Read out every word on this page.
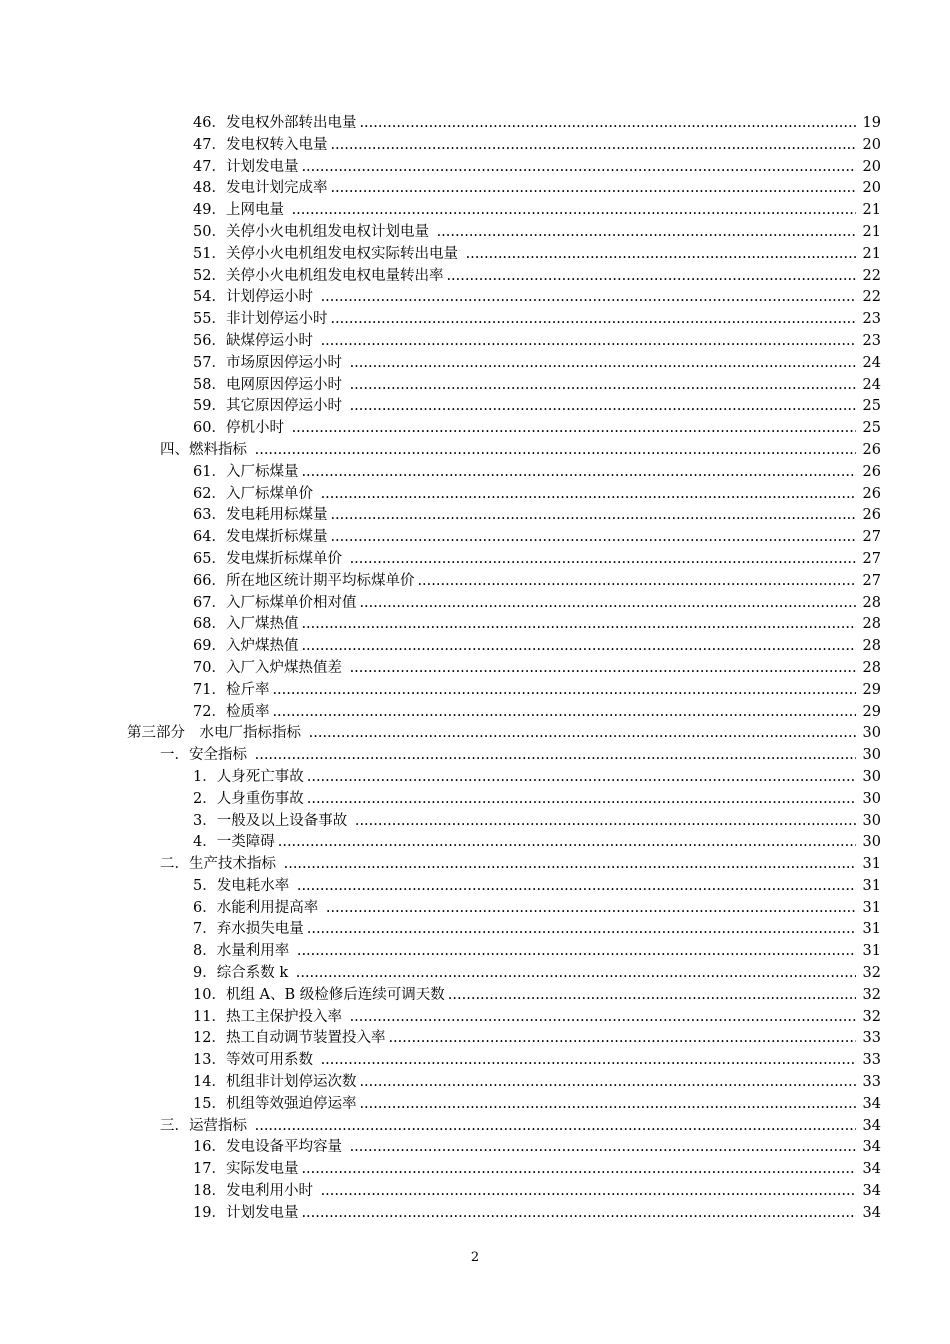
46．发电权外部转出电量 .....	19
47．发电权转入电量 .....	20
47．计划发电量 .....	20
48．发电计划完成率 .....	20
49．上网电量 .....	21
50．关停小火电机组发电权计划电量 .....	21
51．关停小火电机组发电权实际转出电量 .....	21
52．关停小火电机组发电权电量转出率 .....	22
54．计划停运小时 .....	22
55．非计划停运小时 .....	23
56．缺煤停运小时 .....	23
57．市场原因停运小时 .....	24
58．电网原因停运小时 .....	24
59．其它原因停运小时 .....	25
60．停机小时 .....	25
四、燃料指标 .....	26
61．入厂标煤量 .....	26
62．入厂标煤单价 .....	26
63．发电耗用标煤量 .....	26
64．发电煤折标煤量 .....	27
65．发电煤折标煤单价 .....	27
66．所在地区统计期平均标煤单价 .....	27
67．入厂标煤单价相对值 .....	28
68．入厂煤热值 .....	28
69．入炉煤热值 .....	28
70．入厂入炉煤热值差 .....	28
71．检斤率 .....	29
72．检质率 .....	29
第三部分　水电厂指标指标 .....	30
一．安全指标 .....	30
1．人身死亡事故 .....	30
2．人身重伤事故 .....	30
3．一般及以上设备事故 .....	30
4．一类障碍 .....	30
二．生产技术指标 .....	31
5．发电耗水率 .....	31
6．水能利用提高率 .....	31
7．弃水损失电量 .....	31
8．水量利用率 .....	31
9．综合系数 k .....	32
10．机组 A、B 级检修后连续可调天数 .....	32
11．热工主保护投入率 .....	32
12．热工自动调节装置投入率 .....	33
13．等效可用系数 .....	33
14．机组非计划停运次数 .....	33
15．机组等效强迫停运率 .....	34
三．运营指标 .....	34
16．发电设备平均容量 .....	34
17．实际发电量 .....	34
18．发电利用小时 .....	34
19．计划发电量 .....	34
2
